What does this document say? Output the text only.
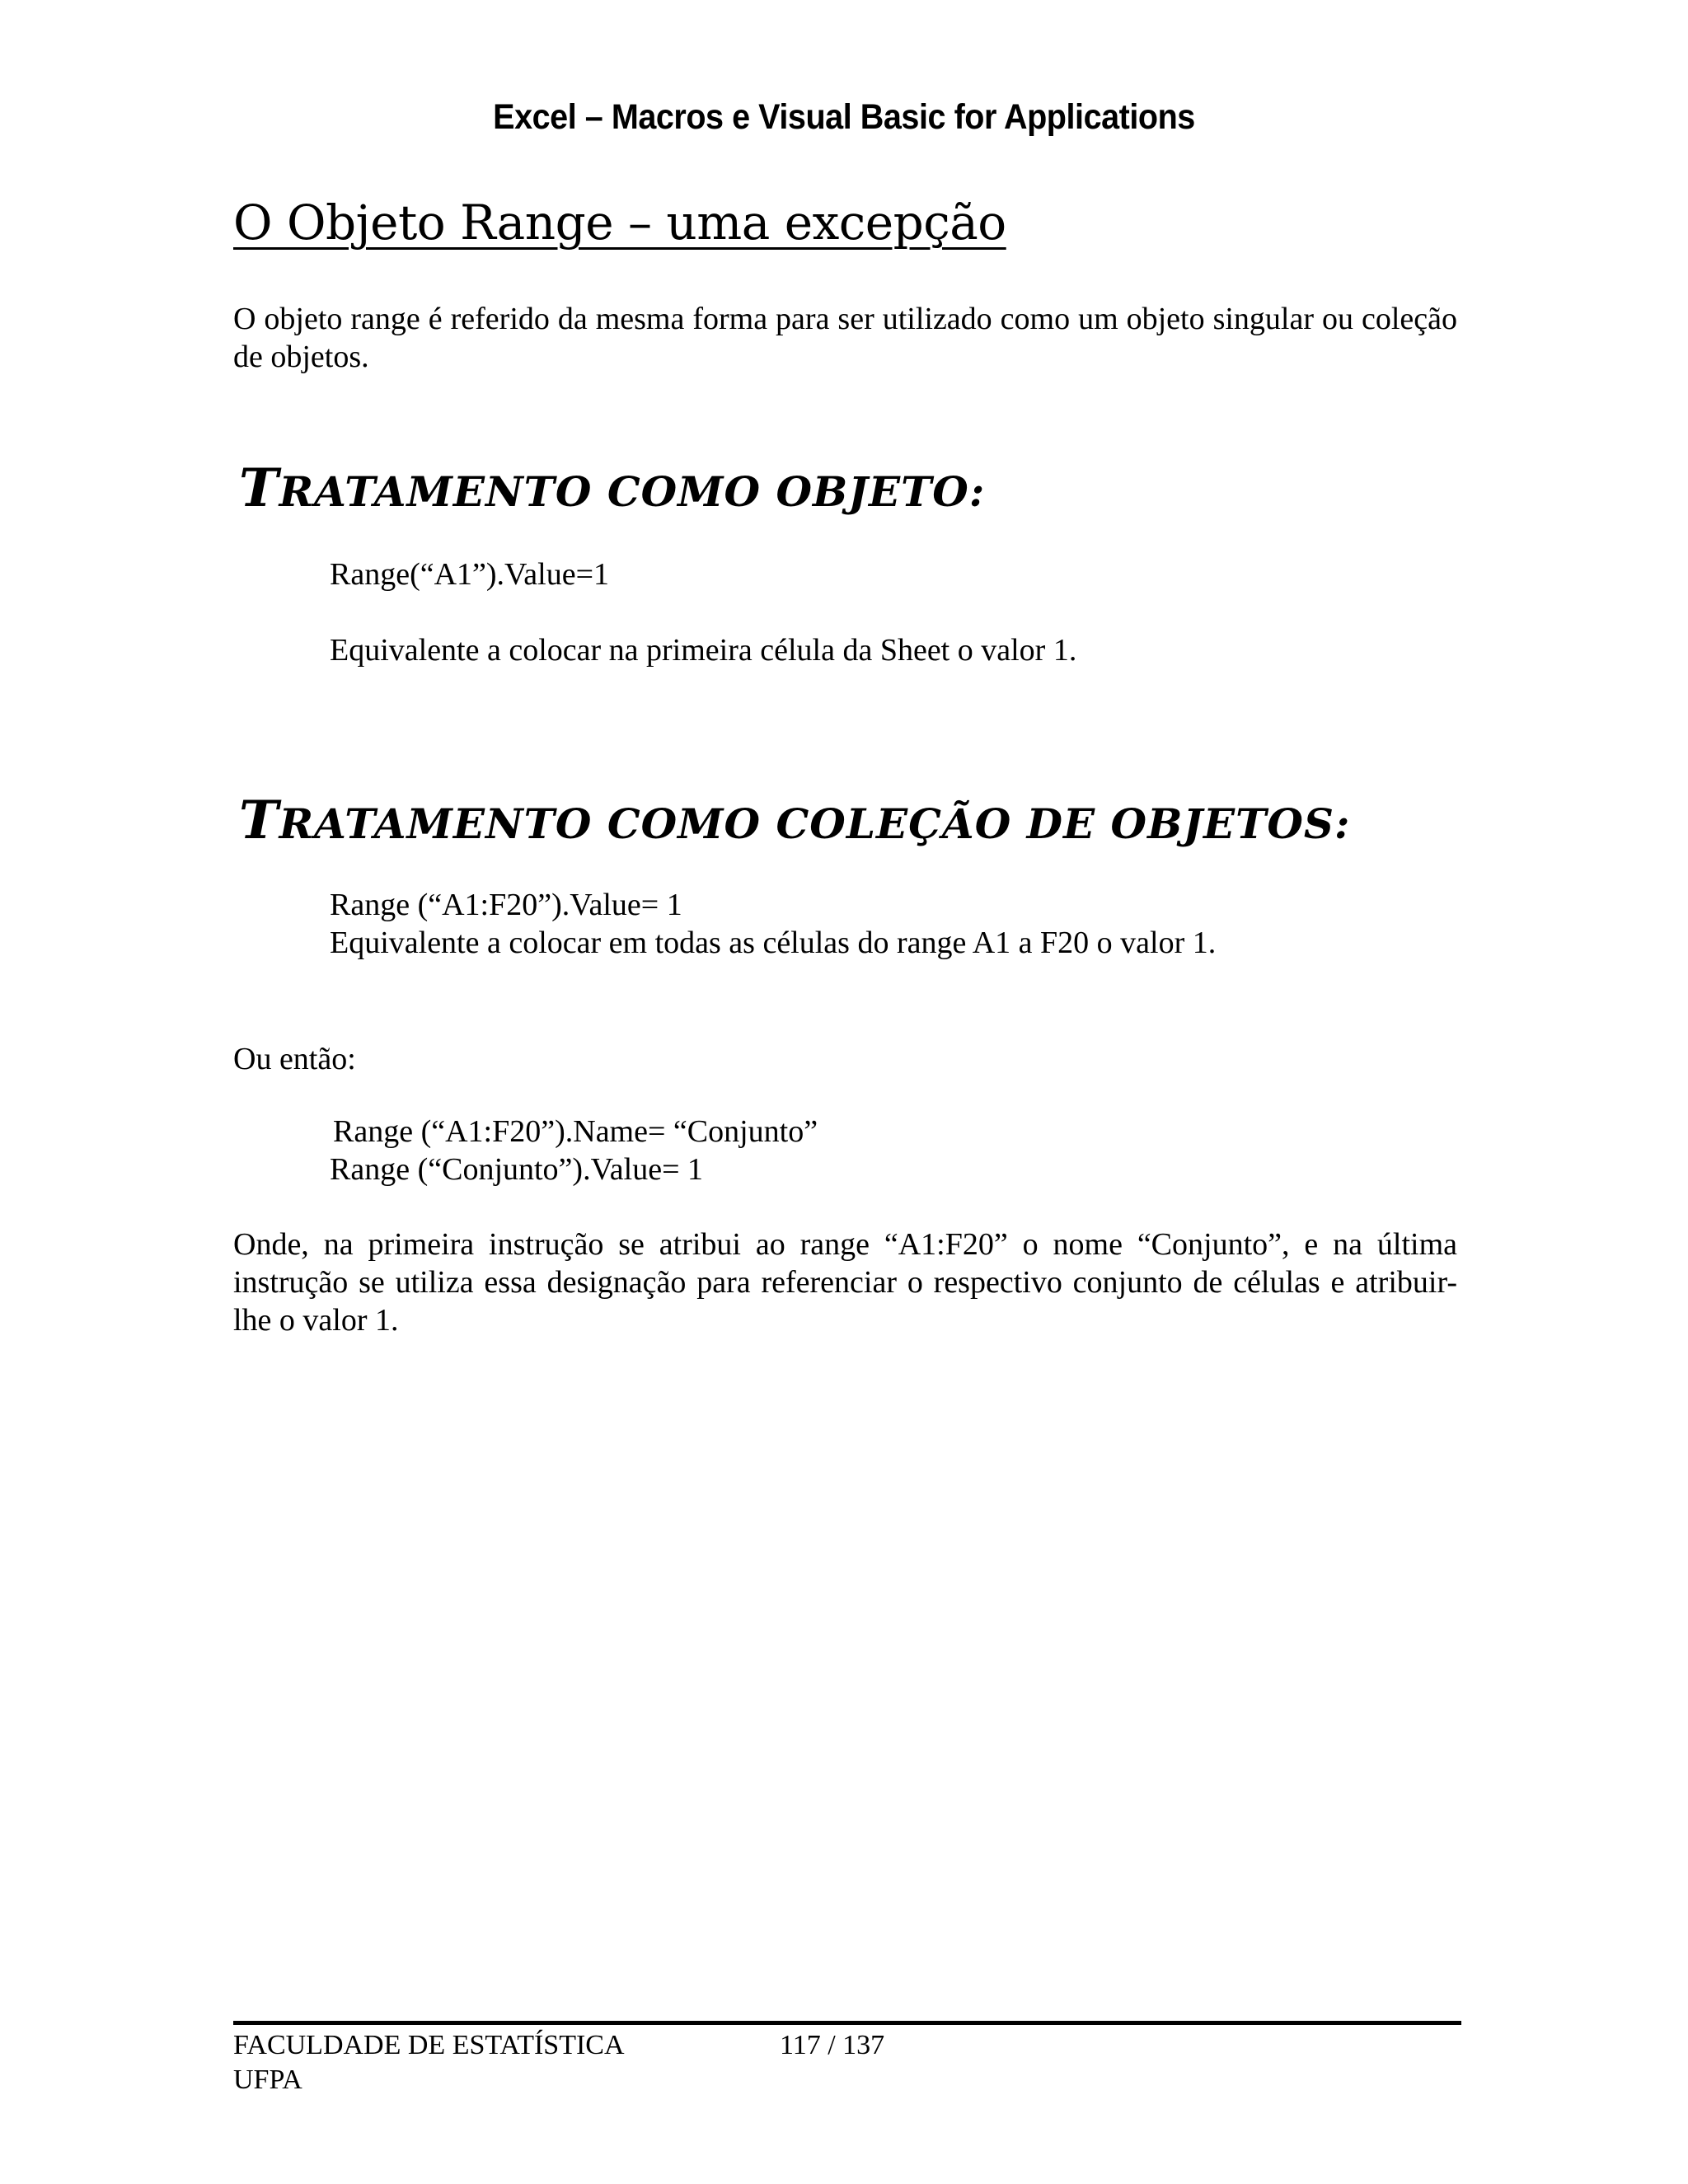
Excel – Macros e Visual Basic for Applications
O Objeto Range – uma excepção
O objeto range é referido da mesma forma para ser utilizado como um objeto singular ou coleção de objetos.
TRATAMENTO COMO OBJETO:
Range(“A1”).Value=1
Equivalente a colocar na primeira célula da Sheet o valor 1.
TRATAMENTO COMO COLEÇÃO DE OBJETOS:
Range (“A1:F20”).Value= 1
Equivalente a colocar em todas as células do range A1 a F20 o valor 1.
Ou então:
Range (“A1:F20”).Name= “Conjunto”
Range (“Conjunto”).Value= 1
Onde, na primeira instrução se atribui ao range “A1:F20” o nome “Conjunto”, e na última instrução se utiliza essa designação para referenciar o respectivo conjunto de células e atribuir-lhe o valor 1.
FACULDADE DE ESTATÍSTICA
UFPA
117 / 137
